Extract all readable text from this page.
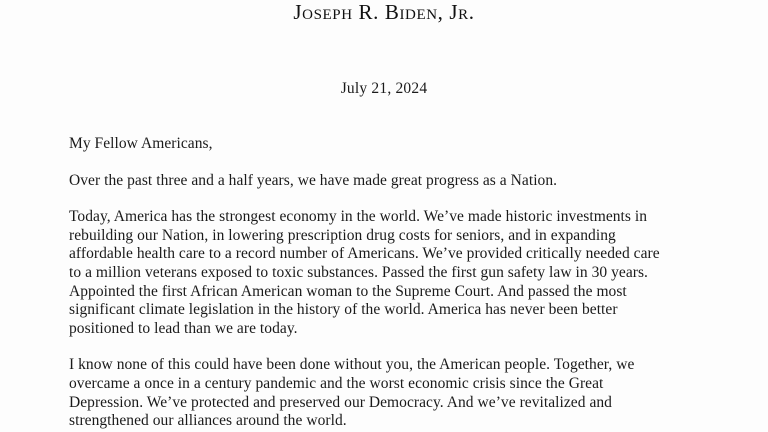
Joseph R. Biden, Jr.
July 21, 2024

My Fellow Americans,

Over the past three and a half years, we have made great progress as a Nation.

Today, America has the strongest economy in the world. We’ve made historic investments in
rebuilding our Nation, in lowering prescription drug costs for seniors, and in expanding
affordable health care to a record number of Americans. We’ve provided critically needed care
to a million veterans exposed to toxic substances. Passed the first gun safety law in 30 years.
Appointed the first African American woman to the Supreme Court. And passed the most
significant climate legislation in the history of the world. America has never been better
positioned to lead than we are today.

I know none of this could have been done without you, the American people. Together, we
overcame a once in a century pandemic and the worst economic crisis since the Great
Depression. We’ve protected and preserved our Democracy. And we’ve revitalized and
strengthened our alliances around the world.
